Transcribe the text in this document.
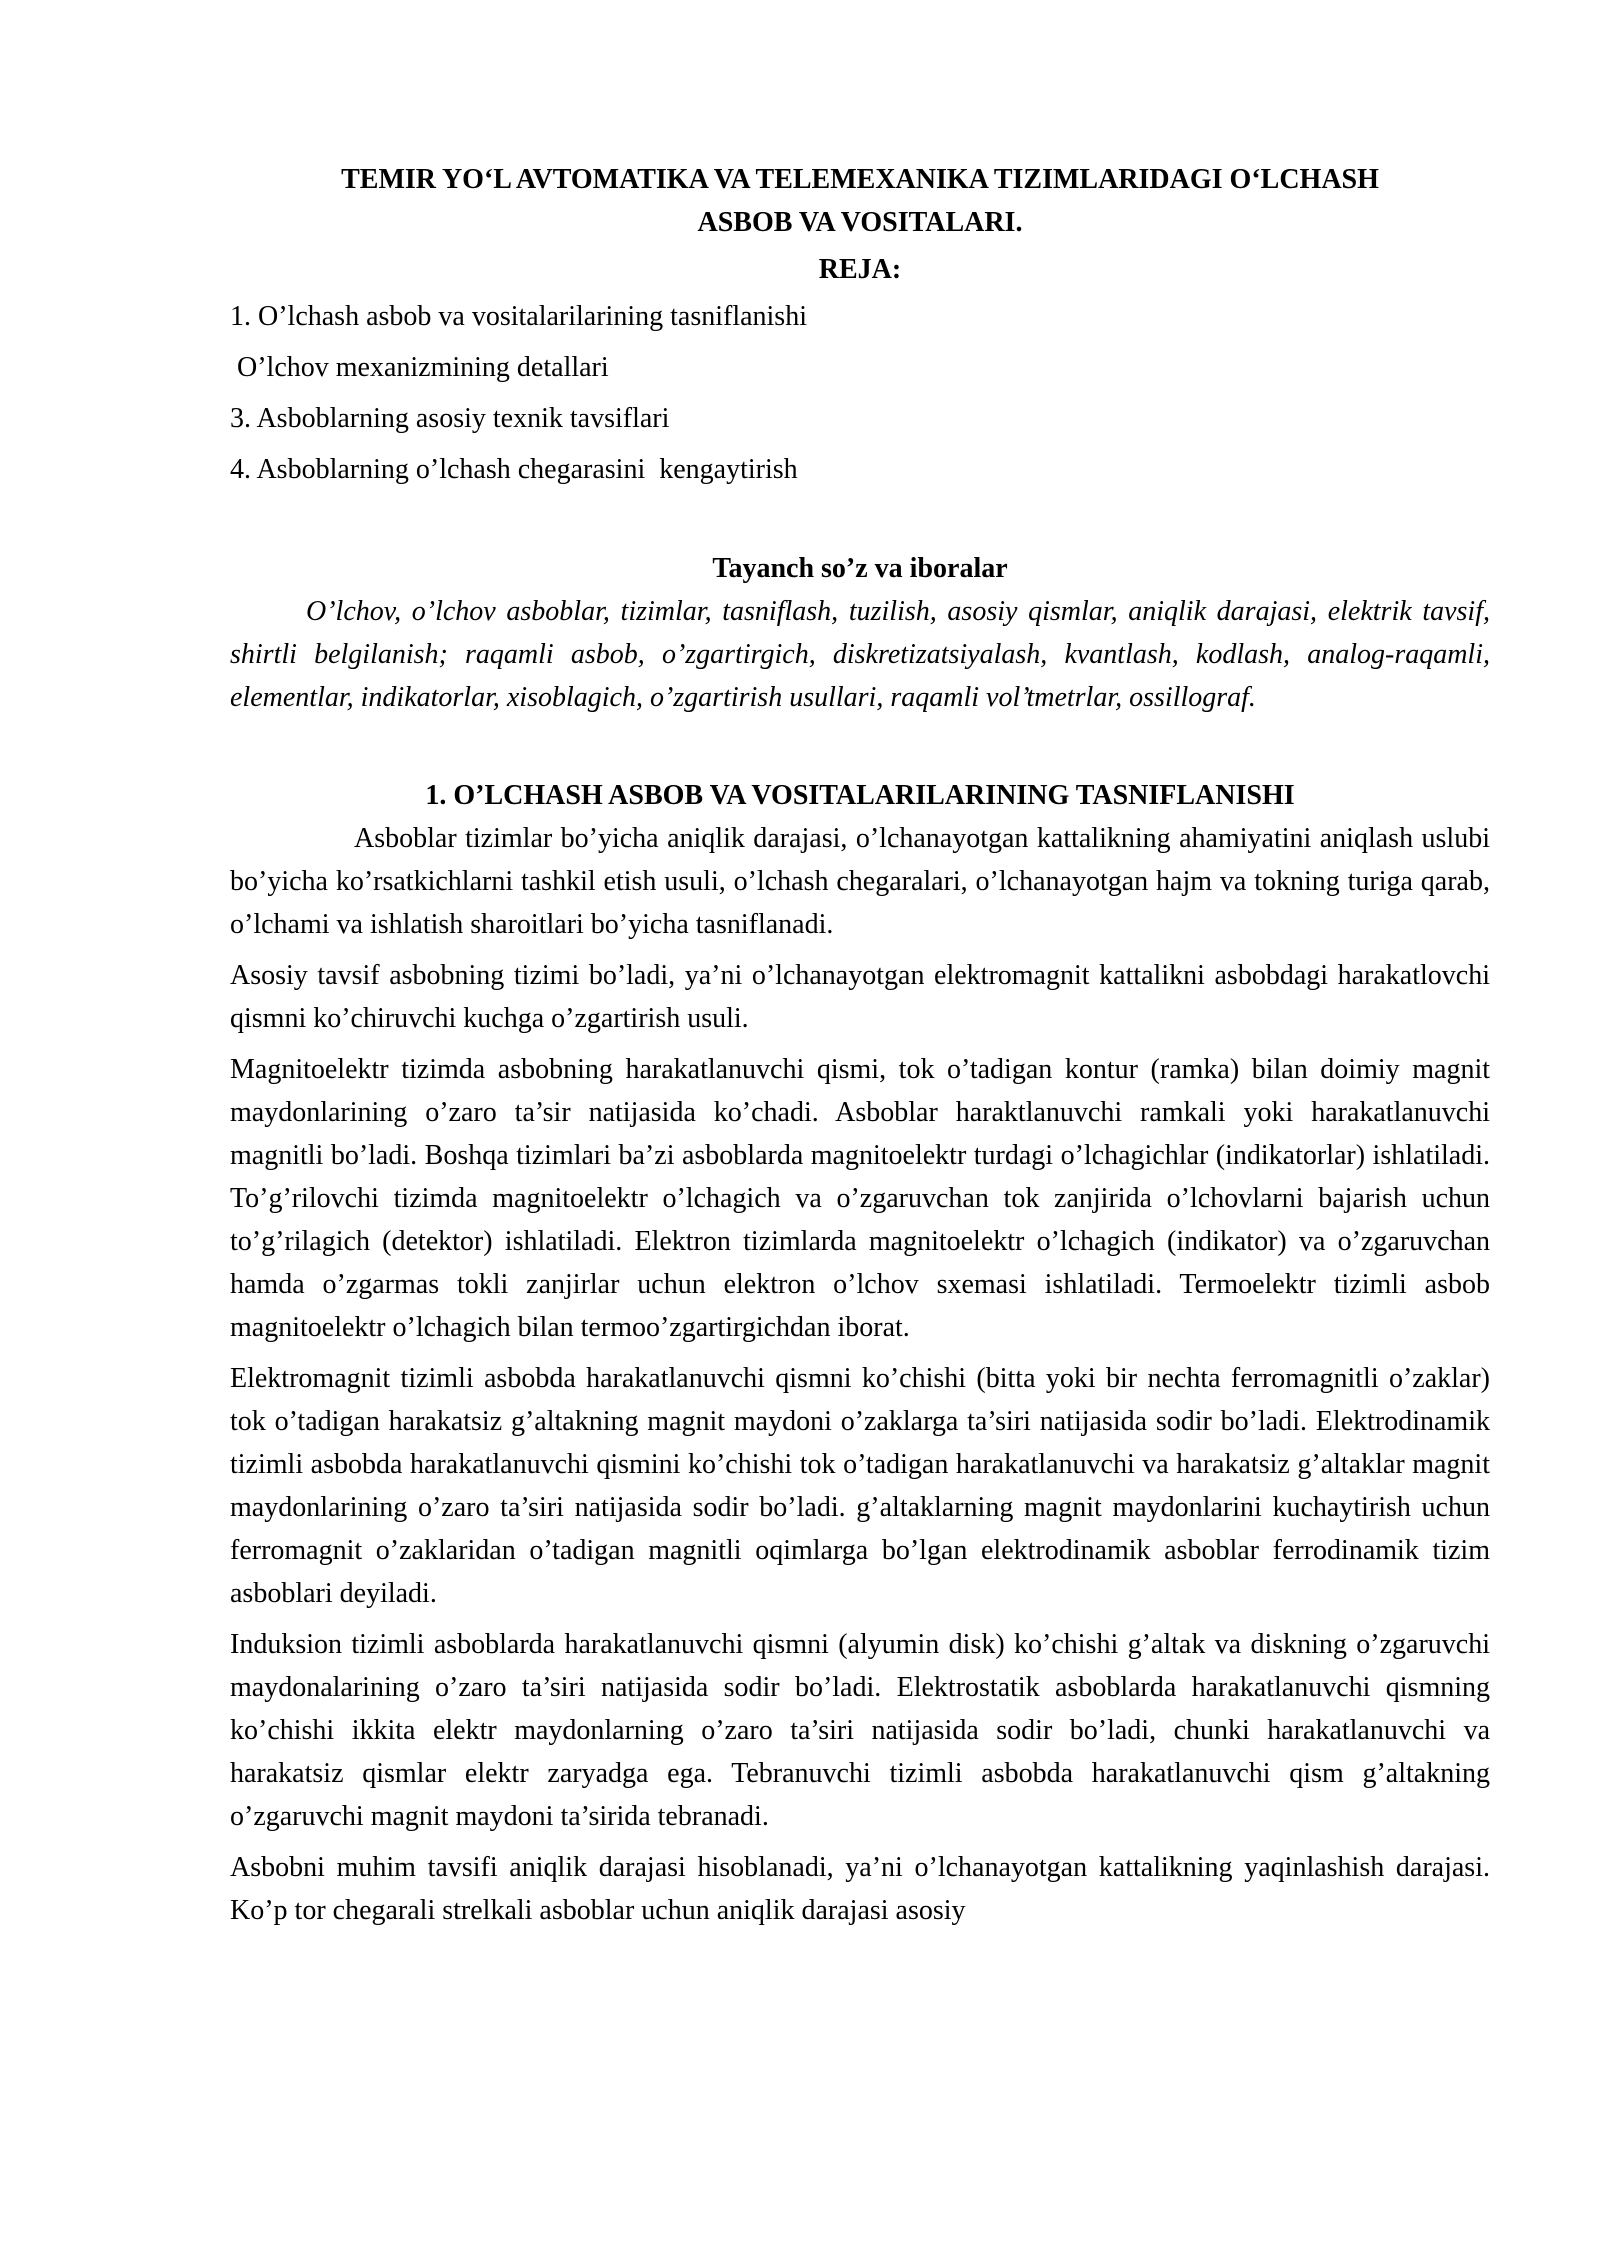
TEMIR YO‘L AVTOMATIKA VA TELEMEXANIKA TIZIMLARIDAGI O‘LCHASH
ASBOB VA VOSITALARI.
REJA:
1. O’lchash asbob va vositalarilarining tasniflanishi
O’lchov mexanizmining detallari
3. Asboblarning asosiy texnik tavsiflari
4. Asboblarning o’lchash chegarasini  kengaytirish
Tayanch so’z va iboralar

O’lchov, o’lchov asboblar, tizimlar, tasniflash, tuzilish, asosiy qismlar, aniqlik darajasi, elektrik tavsif, shirtli belgilanish; raqamli asbob, o’zgartirgich, diskretizatsiyalash, kvantlash, kodlash, analog-raqamli, elementlar, indikatorlar, xisoblagich, o’zgartirish usullari, raqamli vol’tmetrlar, ossillograf.

1. O’LCHASH ASBOB VA VOSITALARILARINING TASNIFLANISHI

Asboblar tizimlar bo’yicha aniqlik darajasi, o’lchanayotgan kattalikning ahamiyatini aniqlash uslubi bo’yicha ko’rsatkichlarni tashkil etish usuli, o’lchash chegaralari, o’lchanayotgan hajm va tokning turiga qarab, o’lchami va ishlatish sharoitlari bo’yicha tasniflanadi.

Asosiy tavsif asbobning tizimi bo’ladi, ya’ni o’lchanayotgan elektromagnit kattalikni asbobdagi harakatlovchi qismni ko’chiruvchi kuchga o’zgartirish usuli.

Magnitoelektr tizimda asbobning harakatlanuvchi qismi, tok o’tadigan kontur (ramka) bilan doimiy magnit maydonlarining o’zaro ta’sir natijasida ko’chadi. Asboblar haraktlanuvchi ramkali yoki harakatlanuvchi magnitli bo’ladi. Boshqa tizimlari ba’zi asboblarda magnitoelektr turdagi o’lchagichlar (indikatorlar) ishlatiladi. To’g’rilovchi tizimda magnitoelektr o’lchagich va o’zgaruvchan tok zanjirida o’lchovlarni bajarish uchun to’g’rilagich (detektor) ishlatiladi. Elektron tizimlarda magnitoelektr o’lchagich (indikator) va o’zgaruvchan hamda o’zgarmas tokli zanjirlar uchun elektron o’lchov sxemasi ishlatiladi. Termoelektr tizimli asbob magnitoelektr o’lchagich bilan termoo’zgartirgichdan iborat.

Elektromagnit tizimli asbobda harakatlanuvchi qismni ko’chishi (bitta yoki bir nechta ferromagnitli o’zaklar) tok o’tadigan harakatsiz g’altakning magnit maydoni o’zaklarga ta’siri natijasida sodir bo’ladi. Elektrodinamik tizimli asbobda harakatlanuvchi qismini ko’chishi tok o’tadigan harakatlanuvchi va harakatsiz g’altaklar magnit maydonlarining o’zaro ta’siri natijasida sodir bo’ladi. g’altaklarning magnit maydonlarini kuchaytirish uchun ferromagnit o’zaklaridan o’tadigan magnitli oqimlarga bo’lgan elektrodinamik asboblar ferrodinamik tizim asboblari deyiladi.

Induksion tizimli asboblarda harakatlanuvchi qismni (alyumin disk) ko’chishi g’altak va diskning o’zgaruvchi maydonalarining o’zaro ta’siri natijasida sodir bo’ladi. Elektrostatik asboblarda harakatlanuvchi qismning ko’chishi ikkita elektr maydonlarning o’zaro ta’siri natijasida sodir bo’ladi, chunki harakatlanuvchi va harakatsiz qismlar elektr zaryadga ega. Tebranuvchi tizimli asbobda harakatlanuvchi qism g’altakning o’zgaruvchi magnit maydoni ta’sirida tebranadi.

Asbobni muhim tavsifi aniqlik darajasi hisoblanadi, ya’ni o’lchanayotgan kattalikning yaqinlashish darajasi. Ko’p tor chegarali strelkali asboblar uchun aniqlik darajasi asosiy
